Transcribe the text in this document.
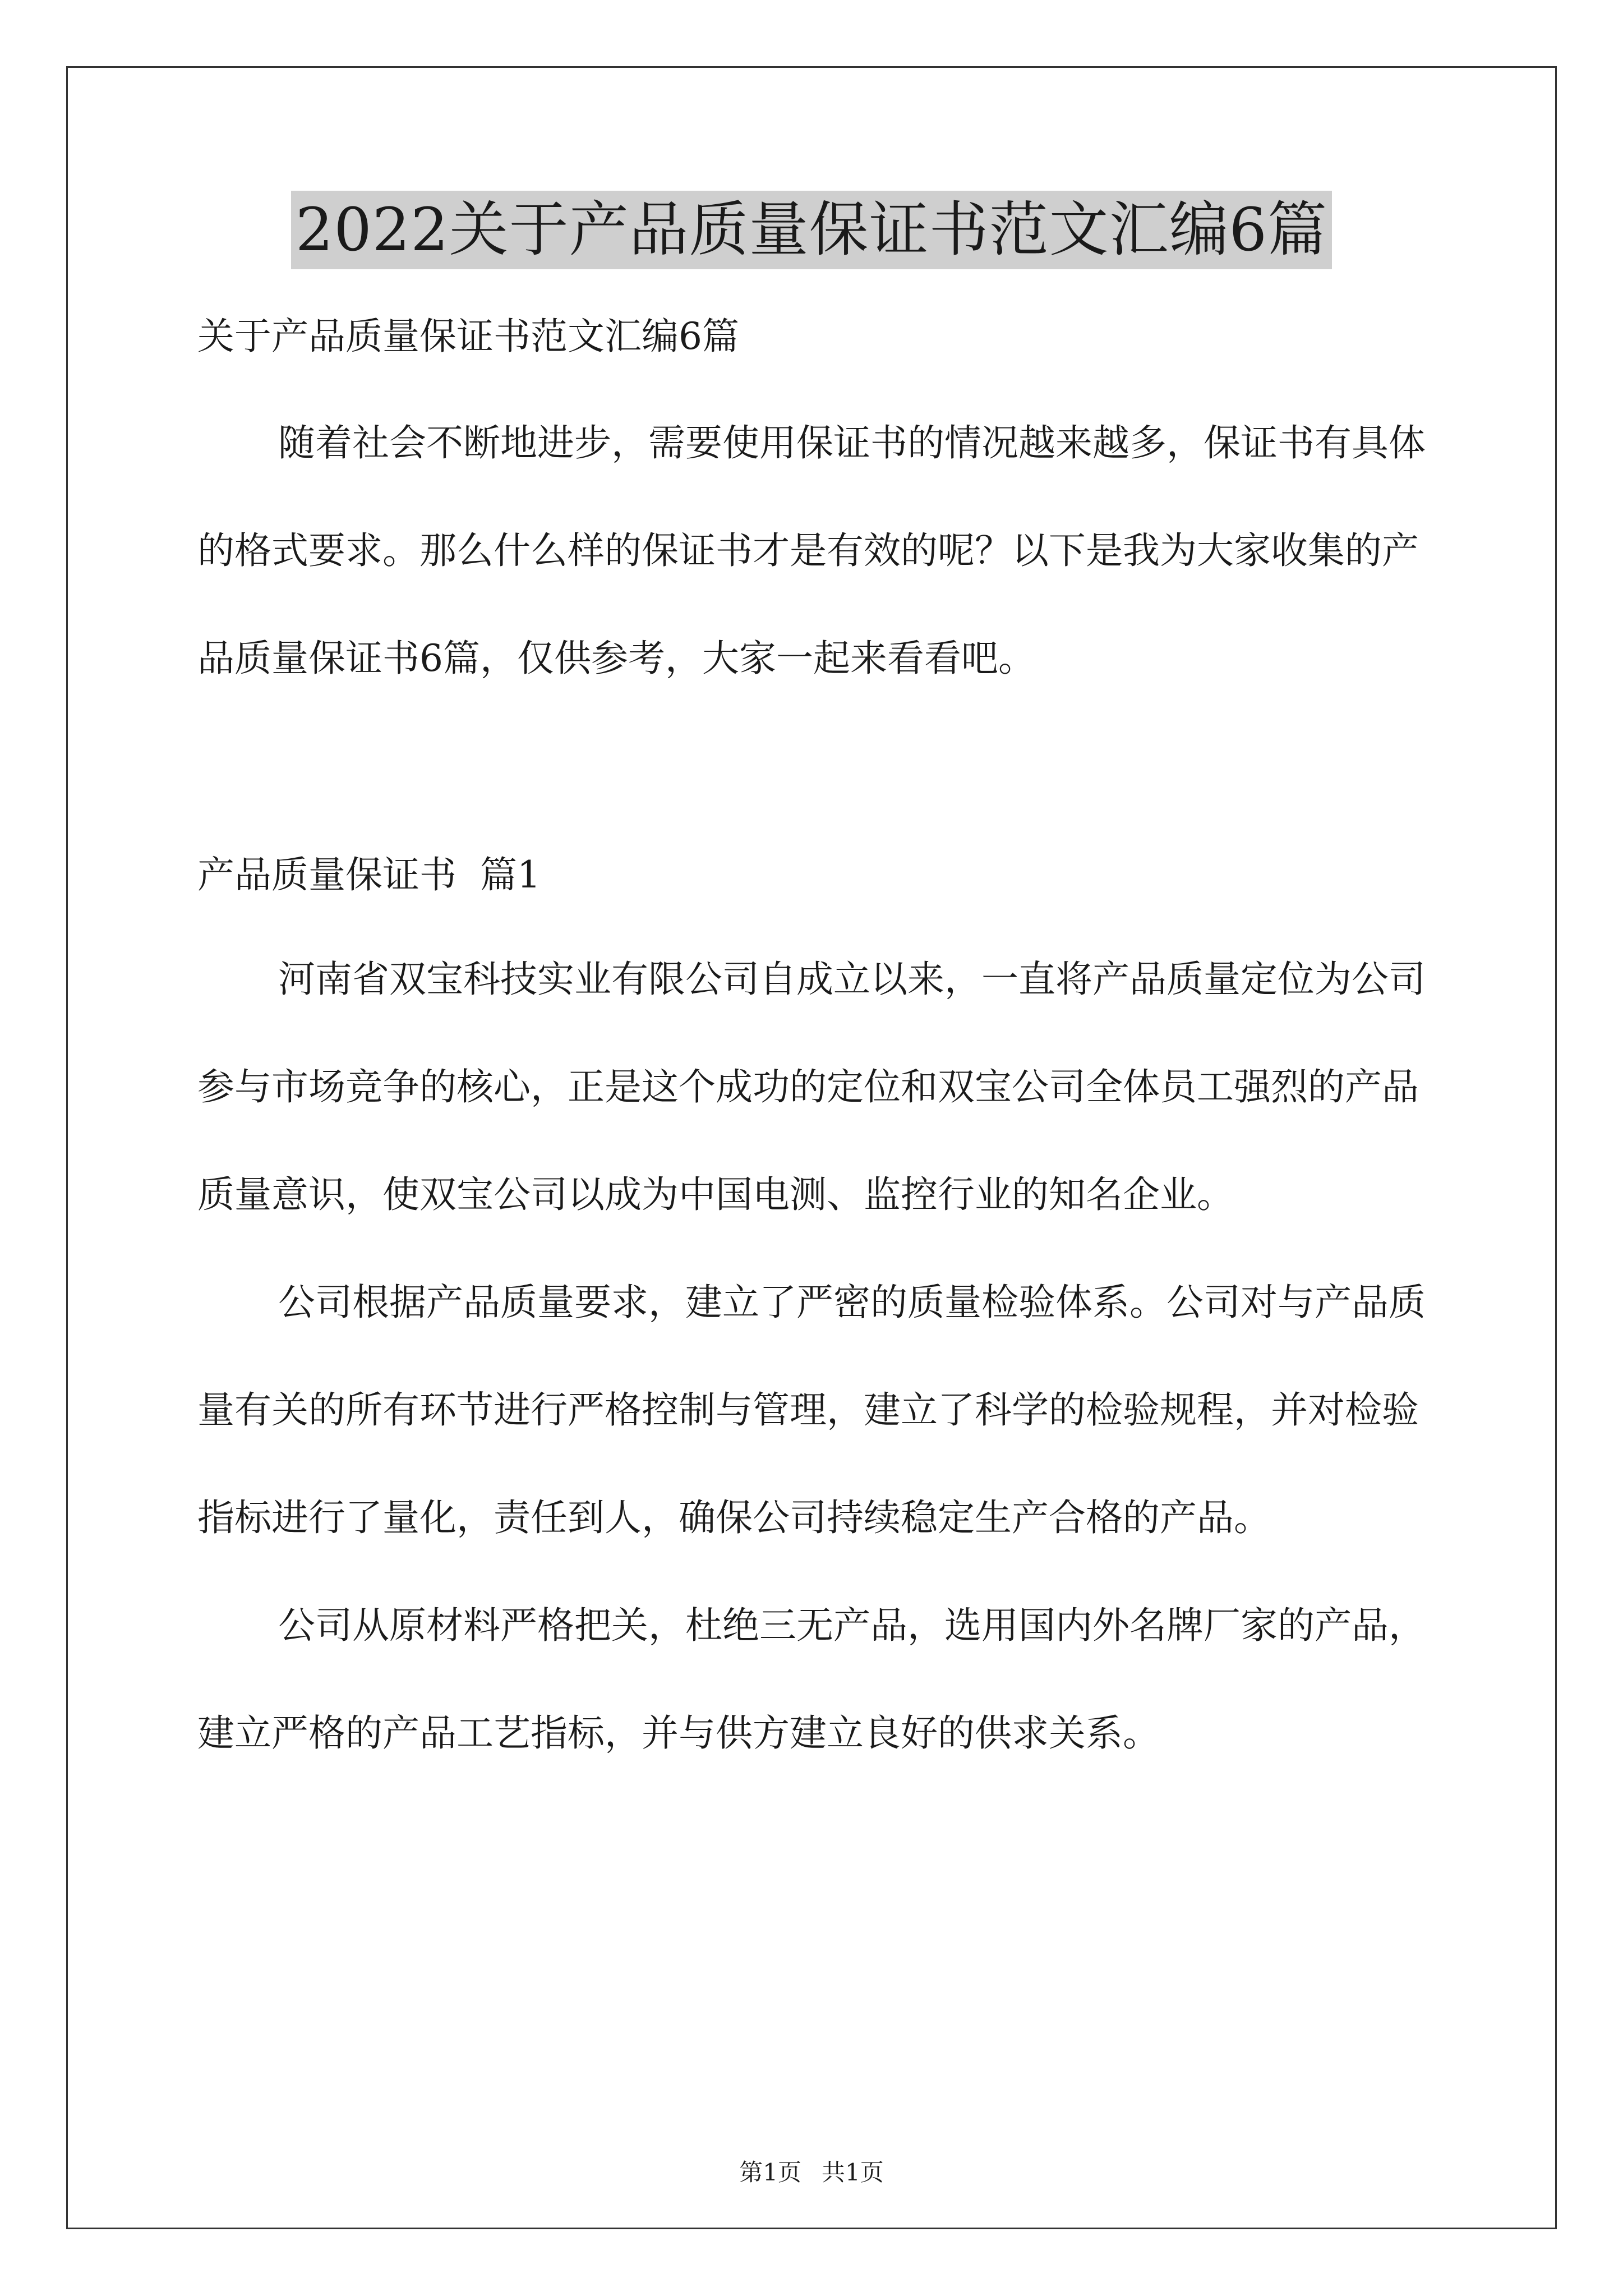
2022关于产品质量保证书范文汇编6篇

关于产品质量保证书范文汇编6篇

随着社会不断地进步，需要使用保证书的情况越来越多，保证书有具体的格式要求。那么什么样的保证书才是有效的呢？以下是我为大家收集的产品质量保证书6篇，仅供参考，大家一起来看看吧。

产品质量保证书  篇1

河南省双宝科技实业有限公司自成立以来，一直将产品质量定位为公司参与市场竞争的核心，正是这个成功的定位和双宝公司全体员工强烈的产品质量意识，使双宝公司以成为中国电测、监控行业的知名企业。

公司根据产品质量要求，建立了严密的质量检验体系。公司对与产品质量有关的所有环节进行严格控制与管理，建立了科学的检验规程，并对检验指标进行了量化，责任到人，确保公司持续稳定生产合格的产品。

公司从原材料严格把关，杜绝三无产品，选用国内外名牌厂家的产品，建立严格的产品工艺指标，并与供方建立良好的供求关系。

第1页 共1页
